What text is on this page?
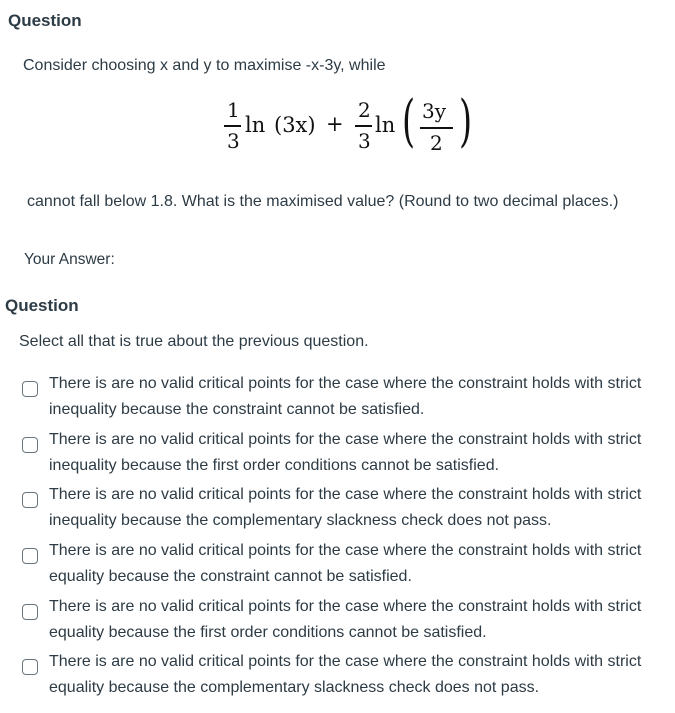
Question
Consider choosing x and y to maximise -x-3y, while
1
3
ln (3x) +
2
3
ln ( 3y
2 )
cannot fall below 1.8. What is the maximised value? (Round to two decimal places.)
Your Answer:
Question
Select all that is true about the previous question.
There is are no valid critical points for the case where the constraint holds with strict inequality because the constraint cannot be satisfied.
There is are no valid critical points for the case where the constraint holds with strict inequality because the first order conditions cannot be satisfied.
There is are no valid critical points for the case where the constraint holds with strict inequality because the complementary slackness check does not pass.
There is are no valid critical points for the case where the constraint holds with strict equality because the constraint cannot be satisfied.
There is are no valid critical points for the case where the constraint holds with strict equality because the first order conditions cannot be satisfied.
There is are no valid critical points for the case where the constraint holds with strict equality because the complementary slackness check does not pass.
